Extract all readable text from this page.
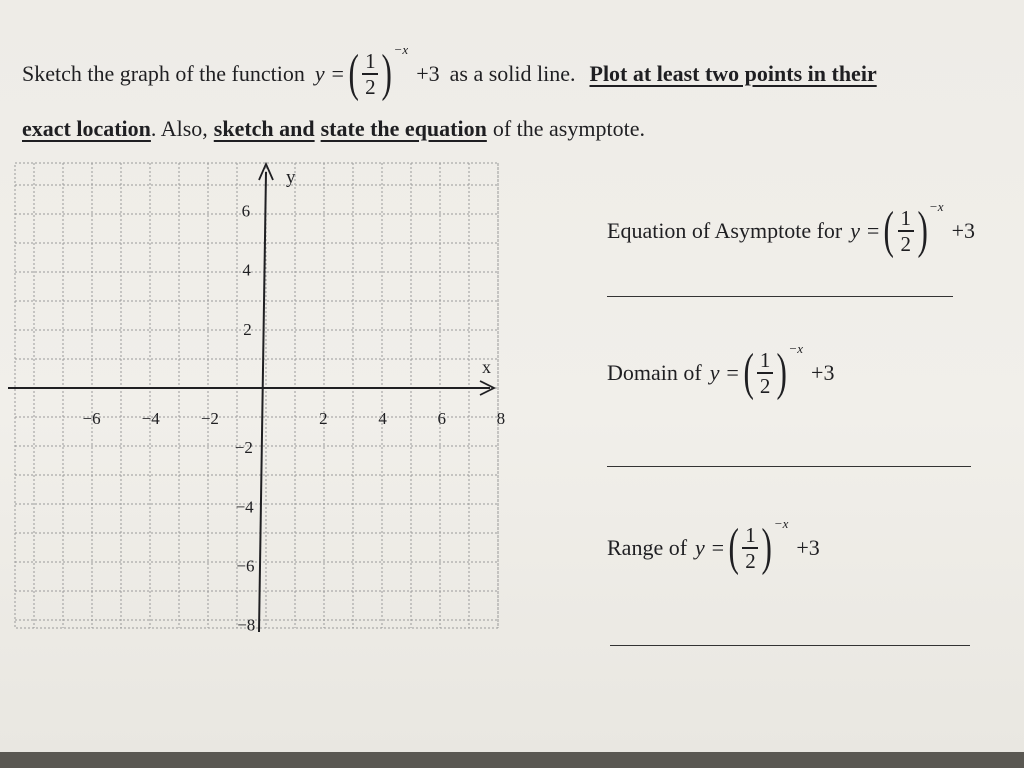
Sketch the graph of the function y = ( $\frac{1}{2}$ ) −x
+3 as a solid line. Plot at least two points in their
exact location . Also, sketch and state the equation of the asymptote.
−6 −4 −2	2	4	6	8
6
4
2
−2
−4
−6
−8
y
x
Equation of Asymptote for y = ( $\frac{1}{2}$ ) −x
+3
Domain of y = ( $\frac{1}{2}$ ) −x
+3
Range of y = ( $\frac{1}{2}$ ) −x
+3
